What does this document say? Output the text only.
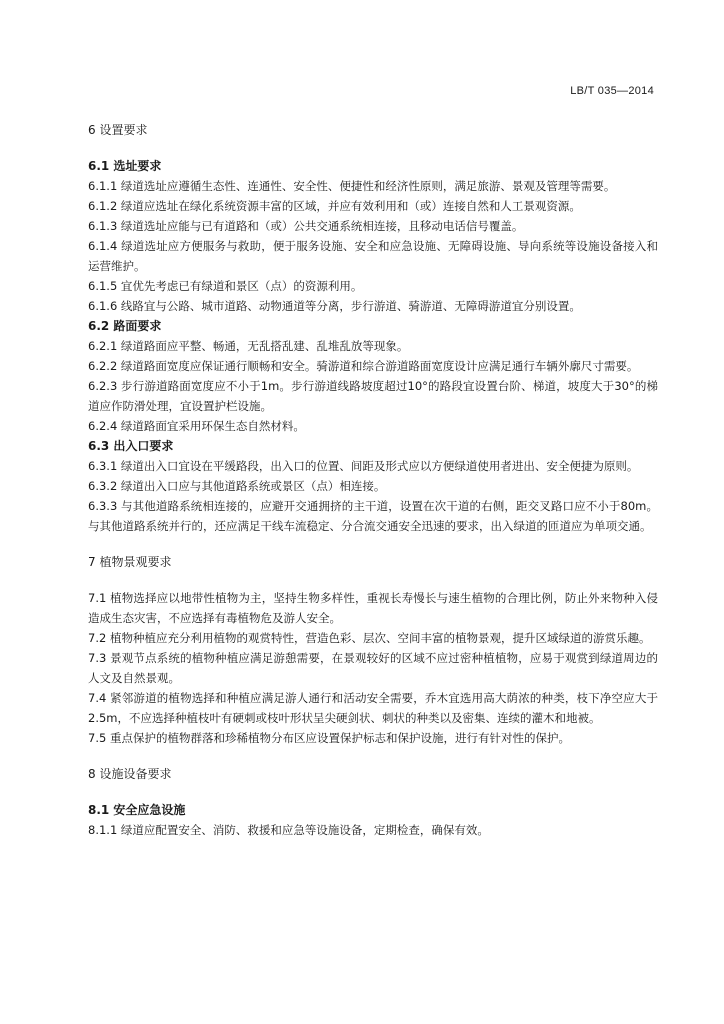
LB/T 035—2014

6 设置要求

6.1 选址要求

6.1.1 绿道选址应遵循生态性、连通性、安全性、便捷性和经济性原则，满足旅游、景观及管理等需要。

6.1.2 绿道应选址在绿化系统资源丰富的区域，并应有效利用和（或）连接自然和人工景观资源。

6.1.3 绿道选址应能与已有道路和（或）公共交通系统相连接，且移动电话信号覆盖。

6.1.4 绿道选址应方便服务与救助，便于服务设施、安全和应急设施、无障碍设施、导向系统等设施设备接入和运营维护。

6.1.5 宜优先考虑已有绿道和景区（点）的资源利用。

6.1.6 线路宜与公路、城市道路、动物通道等分离，步行游道、骑游道、无障碍游道宜分别设置。

6.2 路面要求

6.2.1 绿道路面应平整、畅通，无乱搭乱建、乱堆乱放等现象。

6.2.2 绿道路面宽度应保证通行顺畅和安全。骑游道和综合游道路面宽度设计应满足通行车辆外廓尺寸需要。

6.2.3 步行游道路面宽度应不小于1m。步行游道线路坡度超过10°的路段宜设置台阶、梯道，坡度大于30°的梯道应作防滑处理，宜设置护栏设施。

6.2.4 绿道路面宜采用环保生态自然材料。

6.3 出入口要求

6.3.1 绿道出入口宜设在平缓路段，出入口的位置、间距及形式应以方便绿道使用者进出、安全便捷为原则。

6.3.2 绿道出入口应与其他道路系统或景区（点）相连接。

6.3.3 与其他道路系统相连接的，应避开交通拥挤的主干道，设置在次干道的右侧，距交叉路口应不小于80m。与其他道路系统并行的，还应满足干线车流稳定、分合流交通安全迅速的要求，出入绿道的匝道应为单项交通。

7 植物景观要求

7.1 植物选择应以地带性植物为主，坚持生物多样性，重视长寿慢长与速生植物的合理比例，防止外来物种入侵造成生态灾害，不应选择有毒植物危及游人安全。

7.2 植物种植应充分利用植物的观赏特性，营造色彩、层次、空间丰富的植物景观，提升区域绿道的游赏乐趣。

7.3 景观节点系统的植物种植应满足游憩需要，在景观较好的区域不应过密种植植物，应易于观赏到绿道周边的人文及自然景观。

7.4 紧邻游道的植物选择和种植应满足游人通行和活动安全需要，乔木宜选用高大荫浓的种类，枝下净空应大于2.5m，不应选择种植枝叶有硬刺或枝叶形状呈尖硬剑状、刺状的种类以及密集、连续的灌木和地被。

7.5 重点保护的植物群落和珍稀植物分布区应设置保护标志和保护设施，进行有针对性的保护。

8 设施设备要求

8.1 安全应急设施

8.1.1 绿道应配置安全、消防、救援和应急等设施设备，定期检查，确保有效。
